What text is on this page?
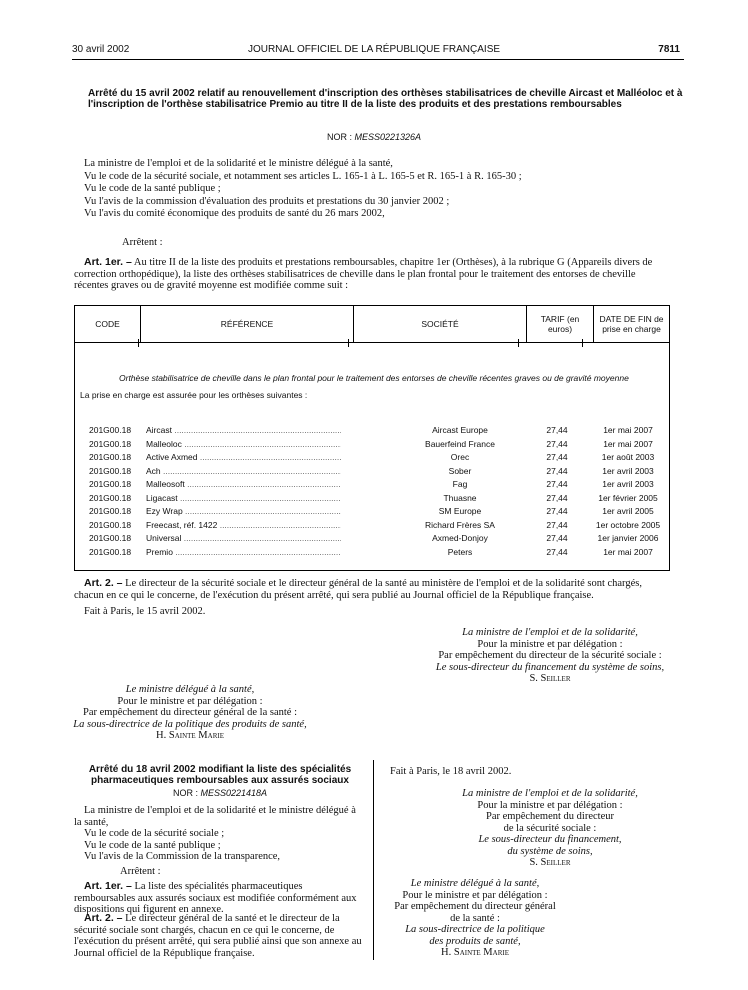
30 avril 2002	JOURNAL OFFICIEL DE LA RÉPUBLIQUE FRANÇAISE	7811
Arrêté du 15 avril 2002 relatif au renouvellement d'inscription des orthèses stabilisatrices de cheville Aircast et Malléoloc et à l'inscription de l'orthèse stabilisatrice Premio au titre II de la liste des produits et des prestations remboursables
NOR : MESS0221326A

La ministre de l'emploi et de la solidarité et le ministre délégué à la santé,

Vu le code de la sécurité sociale, et notamment ses articles L. 165-1 à L. 165-5 et R. 165-1 à R. 165-30 ;

Vu le code de la santé publique ;

Vu l'avis de la commission d'évaluation des produits et prestations du 30 janvier 2002 ;

Vu l'avis du comité économique des produits de santé du 26 mars 2002,

Arrêtent :
Art. 1er. – Au titre II de la liste des produits et prestations remboursables, chapitre 1er (Orthèses), à la rubrique G (Appareils divers de correction orthopédique), la liste des orthèses stabilisatrices de cheville dans le plan frontal pour le traitement des entorses de cheville récentes graves ou de gravité moyenne est modifiée comme suit :
CODE	RÉFÉRENCE	SOCIÉTÉ	TARIF (en euros)	DATE DE FIN de prise en charge
Orthèse stabilisatrice de cheville dans le plan frontal pour le traitement des entorses de cheville récentes graves ou de gravité moyenne
La prise en charge est assurée pour les orthèses suivantes :
201G00.18 Aircast .....	Aircast Europe	27,44	1er mai 2007
201G00.18 Malleoloc .....	Bauerfeind France	27,44	1er mai 2007
201G00.18 Active Axmed .....	Orec	27,44	1er août 2003
201G00.18 Ach .....	Sober	27,44	1er avril 2003
201G00.18 Malleosoft .....	Fag	27,44	1er avril 2003
201G00.18 Ligacast .....	Thuasne	27,44	1er février 2005
201G00.18 Ezy Wrap .....	SM Europe	27,44	1er avril 2005
201G00.18 Freecast, réf. 1422 .....	Richard Frères SA	27,44	1er octobre 2005
201G00.18 Universal .....	Axmed-Donjoy	27,44	1er janvier 2006
201G00.18 Premio .....	Peters	27,44	1er mai 2007
Art. 2. – Le directeur de la sécurité sociale et le directeur général de la santé au ministère de l'emploi et de la solidarité sont chargés, chacun en ce qui le concerne, de l'exécution du présent arrêté, qui sera publié au Journal officiel de la République française.
Fait à Paris, le 15 avril 2002.

La ministre de l'emploi et de la solidarité,

Pour la ministre et par délégation :

Par empêchement du directeur de la sécurité sociale :

Le sous-directeur du financement du système de soins,

S. Seiller

Le ministre délégué à la santé,

Pour le ministre et par délégation :

Par empêchement du directeur général de la santé :

La sous-directrice de la politique des produits de santé,

H. Sainte Marie

Arrêté du 18 avril 2002 modifiant la liste des spécialités pharmaceutiques remboursables aux assurés sociaux
NOR : MESS0221418A

La ministre de l'emploi et de la solidarité et le ministre délégué à la santé,

Vu le code de la sécurité sociale ;

Vu le code de la santé publique ;

Vu l'avis de la Commission de la transparence,

Arrêtent :
Art. 1er. – La liste des spécialités pharmaceutiques remboursables aux assurés sociaux est modifiée conformément aux dispositions qui figurent en annexe.
Art. 2. – Le directeur général de la santé et le directeur de la sécurité sociale sont chargés, chacun en ce qui le concerne, de l'exécution du présent arrêté, qui sera publié ainsi que son annexe au Journal officiel de la République française.
Fait à Paris, le 18 avril 2002.

La ministre de l'emploi et de la solidarité,

Pour la ministre et par délégation :

Par empêchement du directeur

de la sécurité sociale :

Le sous-directeur du financement,

du système de soins,

S. Seiller

Le ministre délégué à la santé,

Pour le ministre et par délégation :

Par empêchement du directeur général

de la santé :

La sous-directrice de la politique

des produits de santé,

H. Sainte Marie
